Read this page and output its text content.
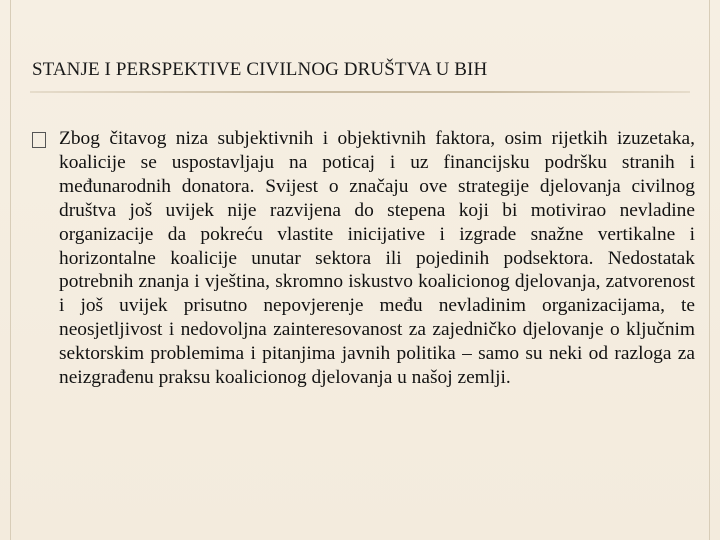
STANJE I PERSPEKTIVE CIVILNOG DRUŠTVA U BIH
Zbog čitavog niza subjektivnih i objektivnih faktora, osim rijetkih izuzetaka, koalicije se uspostavljaju na poticaj i uz financijsku podršku stranih i međunarodnih donatora. Svijest o značaju ove strategije djelovanja civilnog društva još uvijek nije razvijena do stepena koji bi motivirao nevladine organizacije da pokreću vlastite inicijative i izgrade snažne vertikalne i horizontalne koalicije unutar sektora ili pojedinih podsektora. Nedostatak potrebnih znanja i vještina, skromno iskustvo koalicionog djelovanja, zatvorenost i još uvijek prisutno nepovjerenje među nevladinim organizacijama, te neosjetljivost i nedovoljna zainteresovanost za zajedničko djelovanje o ključnim sektorskim problemima i pitanjima javnih politika – samo su neki od razloga za neizgrađenu praksu koalicionog djelovanja u našoj zemlji.
